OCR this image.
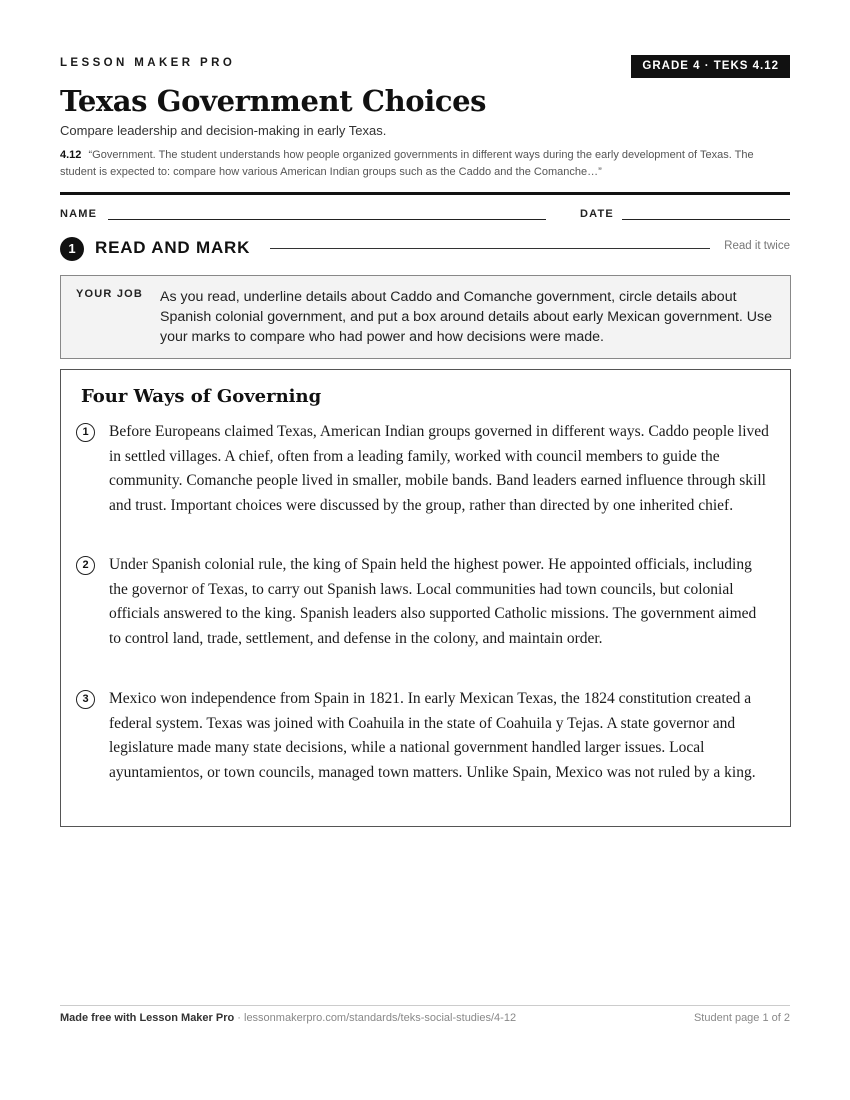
LESSON MAKER PRO	GRADE 4 · TEKS 4.12
Texas Government Choices
Compare leadership and decision-making in early Texas.
4.12 “Government. The student understands how people organized governments in different ways during the early development of Texas. The student is expected to: compare how various American Indian groups such as the Caddo and the Comanche…”
NAME	DATE
1	READ AND MARK	Read it twice
YOUR JOB As you read, underline details about Caddo and Comanche government, circle details about Spanish colonial government, and put a box around details about early Mexican government. Use your marks to compare who had power and how decisions were made.
Four Ways of Governing
1	Before Europeans claimed Texas, American Indian groups governed in different ways. Caddo people lived in settled villages. A chief, often from a leading family, worked with council members to guide the community. Comanche people lived in smaller, mobile bands. Band leaders earned influence through skill and trust. Important choices were discussed by the group, rather than directed by one inherited chief.

2	Under Spanish colonial rule, the king of Spain held the highest power. He appointed officials, including the governor of Texas, to carry out Spanish laws. Local communities had town councils, but colonial officials answered to the king. Spanish leaders also supported Catholic missions. The government aimed to control land, trade, settlement, and defense in the colony, and maintain order.

3	Mexico won independence from Spain in 1821. In early Mexican Texas, the 1824 constitution created a federal system. Texas was joined with Coahuila in the state of Coahuila y Tejas. A state governor and legislature made many state decisions, while a national government handled larger issues. Local ayuntamientos, or town councils, managed town matters. Unlike Spain, Mexico was not ruled by a king.

Made free with Lesson Maker Pro · lessonmakerpro.com/standards/teks-social-studies/4-12	Student page 1 of 2
